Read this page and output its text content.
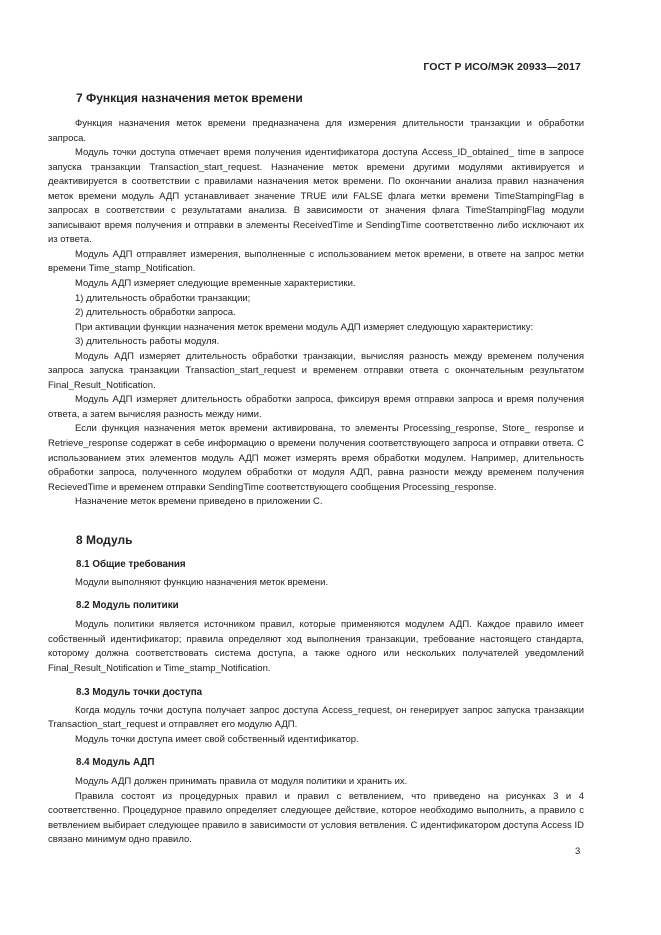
ГОСТ Р ИСО/МЭК 20933—2017
7 Функция назначения меток времени

Функция назначения меток времени предназначена для измерения длительности транзакции и обработки запроса.

Модуль точки доступа отмечает время получения идентификатора доступа Access_ID_obtained_ time в запросе запуска транзакции Transaction_start_request. Назначение меток времени другими модулями активируется и деактивируется в соответствии с правилами назначения меток времени. По окончании анализа правил назначения меток времени модуль АДП устанавливает значение TRUE или FALSE флага метки времени TimeStampingFlag в запросах в соответствии с результатами анализа. В зависимости от значения флага TimeStampingFlag модули записывают время получения и отправки в элементы ReceivedTime и SendingTime соответственно либо исключают их из ответа.

Модуль АДП отправляет измерения, выполненные с использованием меток времени, в ответе на запрос метки времени Time_stamp_Notification.

Модуль АДП измеряет следующие временные характеристики.

1) длительность обработки транзакции;

2) длительность обработки запроса.

При активации функции назначения меток времени модуль АДП измеряет следующую характеристику:

3) длительность работы модуля.

Модуль АДП измеряет длительность обработки транзакции, вычисляя разность между временем получения запроса запуска транзакции Transaction_start_request и временем отправки ответа с окончательным результатом Final_Result_Notification.

Модуль АДП измеряет длительность обработки запроса, фиксируя время отправки запроса и время получения ответа, а затем вычисляя разность между ними.

Если функция назначения меток времени активирована, то элементы Processing_response, Store_ response и Retrieve_response содержат в себе информацию о времени получения соответствующего запроса и отправки ответа. С использованием этих элементов модуль АДП может измерять время обработки модулем. Например, длительность обработки запроса, полученного модулем обработки от модуля АДП, равна разности между временем получения RecievedTime и временем отправки SendingTime соответствующего сообщения Processing_response.

Назначение меток времени приведено в приложении С.

8 Модуль
8.1 Общие требования

Модули выполняют функцию назначения меток времени.

8.2 Модуль политики

Модуль политики является источником правил, которые применяются модулем АДП. Каждое правило имеет собственный идентификатор; правила определяют ход выполнения транзакции, требование настоящего стандарта, которому должна соответствовать система доступа, а также одного или нескольких получателей уведомлений Final_Result_Notification и Time_stamp_Notification.

8.3 Модуль точки доступа

Когда модуль точки доступа получает запрос доступа Access_request, он генерирует запрос запуска транзакции Transaction_start_request и отправляет его модулю АДП.

Модуль точки доступа имеет свой собственный идентификатор.

8.4 Модуль АДП

Модуль АДП должен принимать правила от модуля политики и хранить их.

Правила состоят из процедурных правил и правил с ветвлением, что приведено на рисунках 3 и 4 соответственно. Процедурное правило определяет следующее действие, которое необходимо выполнить, а правило с ветвлением выбирает следующее правило в зависимости от условия ветвления. С идентификатором доступа Access ID связано минимум одно правило.

3
